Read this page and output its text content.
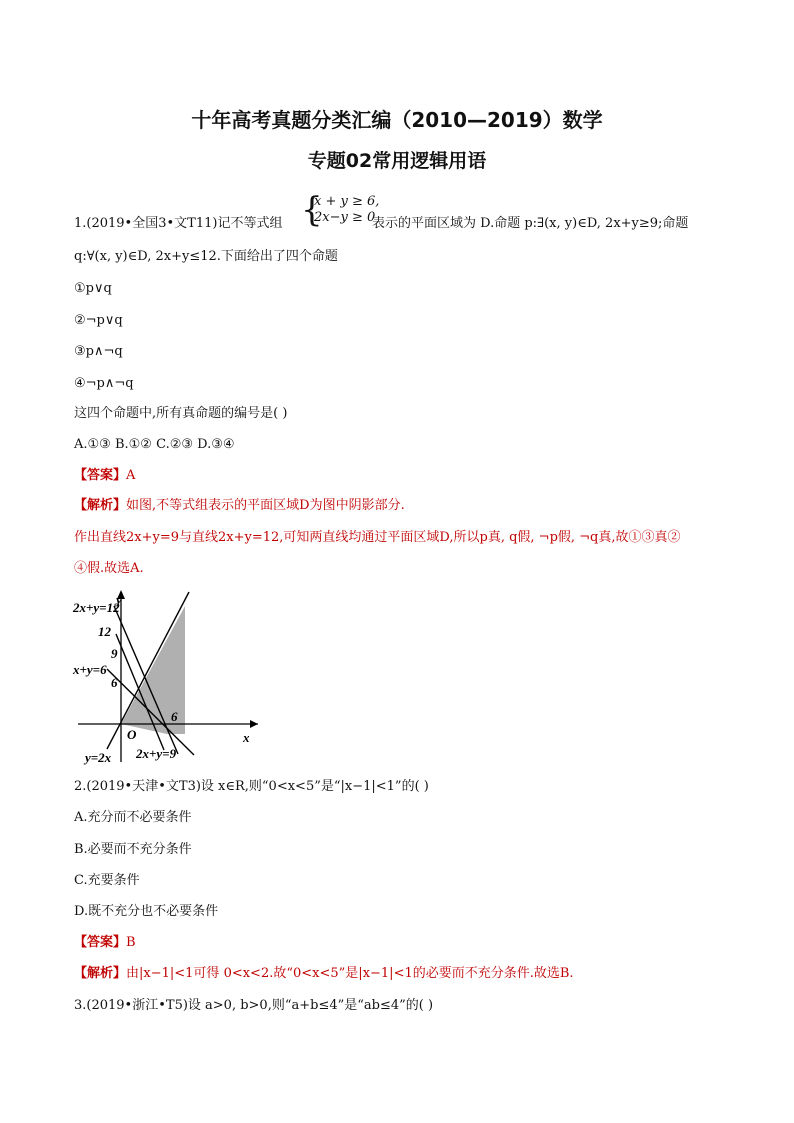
十年高考真题分类汇编（2010—2019）数学
专题02常用逻辑用语
1.(2019•全国3•文T11)记不等式组 {
x + y ≥ 6,
2x−y ≥ 0
表示的平面区域为 D.命题 p:∃(x, y)∈D, 2x+y≥9;命题
q:∀(x, y)∈D, 2x+y≤12.下面给出了四个命题
①p∨q
②¬p∨q
③p∧¬q
④¬p∧¬q
这四个命题中,所有真命题的编号是( )
A.①③ B.①② C.②③ D.③④
【答案】A
【解析】如图,不等式组表示的平面区域D为图中阴影部分.
作出直线2x+y=9与直线2x+y=12,可知两直线均通过平面区域D,所以p真, q假, ¬p假, ¬q真,故①③真②
④假.故选A.
y
2x+y=12
12
9
x+y=6
6
6
O	x
2x+y=9
y=2x
2.(2019•天津•文T3)设 x∈R,则“0<x<5”是“|x−1|<1”的( )
A.充分而不必要条件
B.必要而不充分条件
C.充要条件
D.既不充分也不必要条件
【答案】B
【解析】由|x−1|<1可得 0<x<2.故“0<x<5”是|x−1|<1的必要而不充分条件.故选B.
3.(2019•浙江•T5)设 a>0, b>0,则“a+b≤4”是“ab≤4”的( )
